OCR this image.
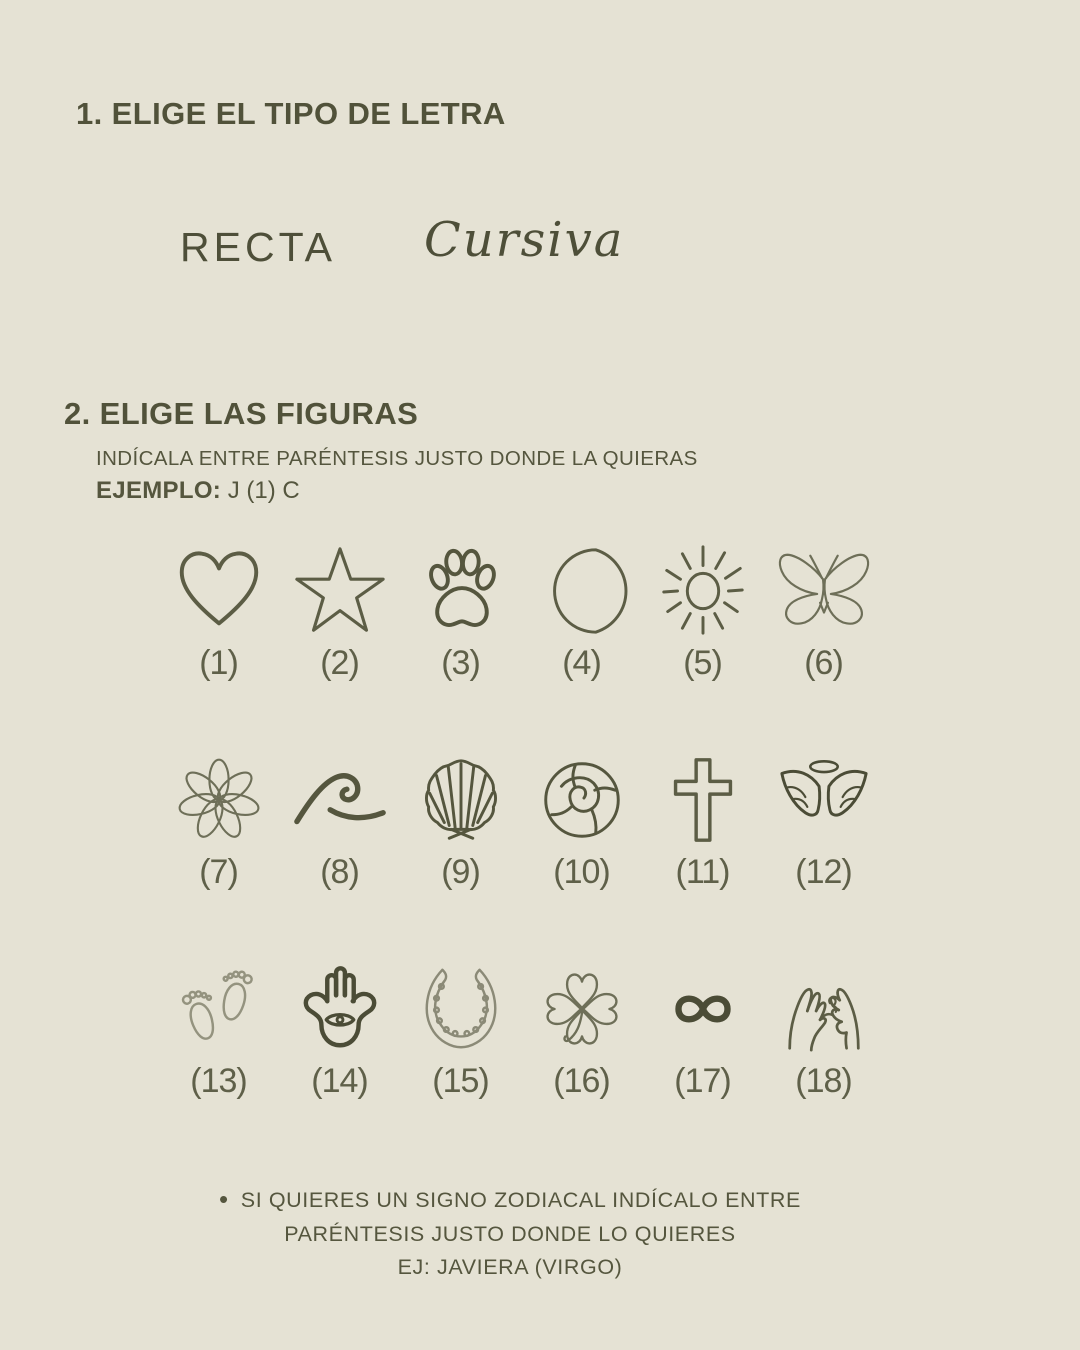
1. ELIGE EL TIPO DE LETRA
RECTA Cursiva
2. ELIGE LAS FIGURAS
INDÍCALA ENTRE PARÉNTESIS JUSTO DONDE LA QUIERAS
EJEMPLO: J (1) C
(1) (2) (3) (4) (5) (6)
(7) (8) (9) (10) (11) (12)
(13) (14) (15) (16) (17) (18)
• SI QUIERES UN SIGNO ZODIACAL INDÍCALO ENTRE
PARÉNTESIS JUSTO DONDE LO QUIERES
EJ: JAVIERA (VIRGO)
